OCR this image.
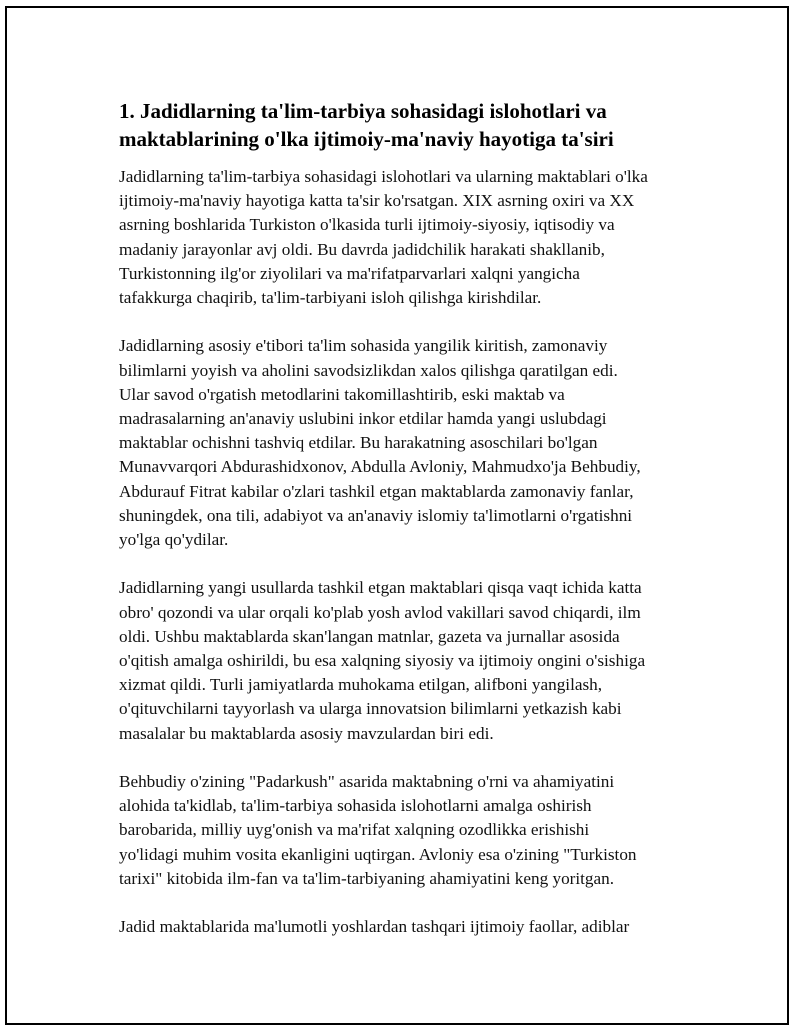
1. Jadidlarning ta'lim-tarbiya sohasidagi islohotlari va
maktablarining o'lka ijtimoiy-ma'naviy hayotiga ta'siri

Jadidlarning ta'lim-tarbiya sohasidagi islohotlari va ularning maktablari o'lka
ijtimoiy-ma'naviy hayotiga katta ta'sir ko'rsatgan. XIX asrning oxiri va XX
asrning boshlarida Turkiston o'lkasida turli ijtimoiy-siyosiy, iqtisodiy va
madaniy jarayonlar avj oldi. Bu davrda jadidchilik harakati shakllanib,
Turkistonning ilg'or ziyolilari va ma'rifatparvarlari xalqni yangicha
tafakkurga chaqirib, ta'lim-tarbiyani isloh qilishga kirishdilar.

Jadidlarning asosiy e'tibori ta'lim sohasida yangilik kiritish, zamonaviy
bilimlarni yoyish va aholini savodsizlikdan xalos qilishga qaratilgan edi.
Ular savod o'rgatish metodlarini takomillashtirib, eski maktab va
madrasalarning an'anaviy uslubini inkor etdilar hamda yangi uslubdagi
maktablar ochishni tashviq etdilar. Bu harakatning asoschilari bo'lgan
Munavvarqori Abdurashidxonov, Abdulla Avloniy, Mahmudxo'ja Behbudiy,
Abdurauf Fitrat kabilar o'zlari tashkil etgan maktablarda zamonaviy fanlar,
shuningdek, ona tili, adabiyot va an'anaviy islomiy ta'limotlarni o'rgatishni
yo'lga qo'ydilar.

Jadidlarning yangi usullarda tashkil etgan maktablari qisqa vaqt ichida katta
obro' qozondi va ular orqali ko'plab yosh avlod vakillari savod chiqardi, ilm
oldi. Ushbu maktablarda skan'langan matnlar, gazeta va jurnallar asosida
o'qitish amalga oshirildi, bu esa xalqning siyosiy va ijtimoiy ongini o'sishiga
xizmat qildi. Turli jamiyatlarda muhokama etilgan, alifboni yangilash,
o'qituvchilarni tayyorlash va ularga innovatsion bilimlarni yetkazish kabi
masalalar bu maktablarda asosiy mavzulardan biri edi.

Behbudiy o'zining "Padarkush" asarida maktabning o'rni va ahamiyatini
alohida ta'kidlab, ta'lim-tarbiya sohasida islohotlarni amalga oshirish
barobarida, milliy uyg'onish va ma'rifat xalqning ozodlikka erishishi
yo'lidagi muhim vosita ekanligini uqtirgan. Avloniy esa o'zining "Turkiston
tarixi" kitobida ilm-fan va ta'lim-tarbiyaning ahamiyatini keng yoritgan.

Jadid maktablarida ma'lumotli yoshlardan tashqari ijtimoiy faollar, adiblar
